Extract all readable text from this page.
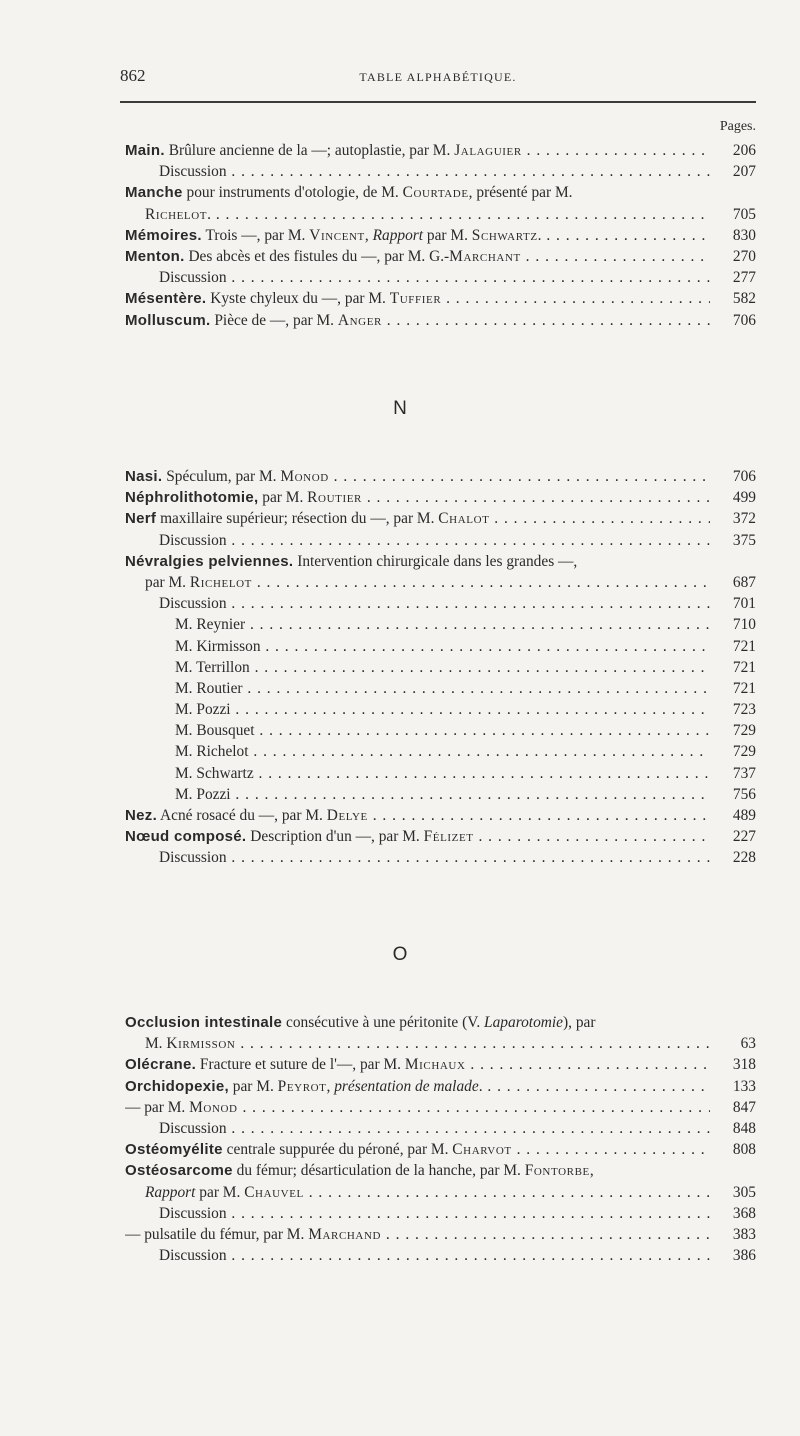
862	TABLE ALPHABÉTIQUE.
Pages.
Main. Brûlure ancienne de la —; autoplastie, par M. Jalaguier . . .	206
Discussion . . .	207
Manche pour instruments d'otologie, de M. Courtade, présenté par M.
Richelot. . . .	705
Mémoires. Trois —, par M. Vincent, Rapport par M. Schwartz. . . .	830
Menton. Des abcès et des fistules du —, par M. G.-Marchant . . .	270
Discussion . . .	277
Mésentère. Kyste chyleux du —, par M. Tuffier . . .	582
Molluscum. Pièce de —, par M. Anger . . .	706
N
Nasi. Spéculum, par M. Monod . . .	706
Néphrolithotomie, par M. Routier . . .	499
Nerf maxillaire supérieur; résection du —, par M. Chalot . . .	372
Discussion . . .	375
Névralgies pelviennes. Intervention chirurgicale dans les grandes —,
par M. Richelot . . .	687
Discussion . . .	701
M. Reynier . . .	710
M. Kirmisson . . .	721
M. Terrillon . . .	721
M. Routier . . .	721
M. Pozzi . . .	723
M. Bousquet . . .	729
M. Richelot . . .	729
M. Schwartz . . .	737
M. Pozzi . . .	756
Nez. Acné rosacé du —, par M. Delye . . .	489
Nœud composé. Description d'un —, par M. Félizet . . .	227
Discussion . . .	228
O
Occlusion intestinale consécutive à une péritonite (V. Laparotomie), par
M. Kirmisson . . .	63
Olécrane. Fracture et suture de l'—, par M. Michaux . . .	318
Orchidopexie, par M. Peyrot, présentation de malade. . . .	133
— par M. Monod . . .	847
Discussion . . .	848
Ostéomyélite centrale suppurée du péroné, par M. Charvot . . .	808
Ostéosarcome du fémur; désarticulation de la hanche, par M. Fontorbe,
Rapport par M. Chauvel . . .	305
Discussion . . .	368
— pulsatile du fémur, par M. Marchand . . .	383
Discussion . . .	386
